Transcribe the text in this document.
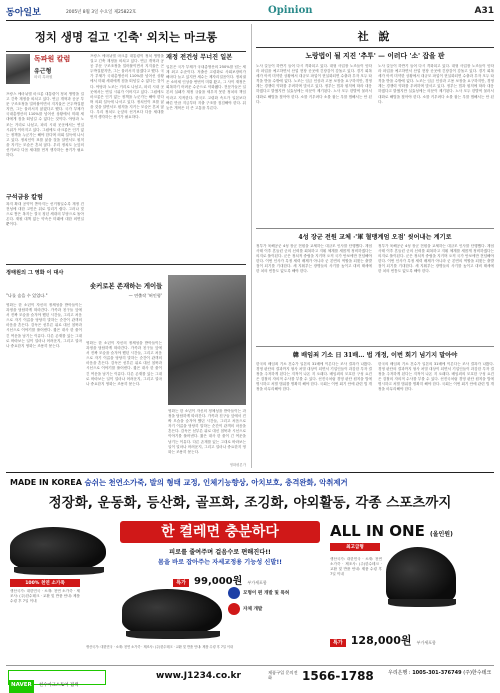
동아일보	2005년 8월 3일 수요일 제25822호	Opinion	A31
정치 생명 걸고 '긴축' 외치는 마크롱
독파원 칼럼
유근형
파리 특파원
프랑스 에마뉘엘 마크롱 대통령이 정치 생명을 걸고 긴축 재정을 외치고 있다. 연금 개혁과 공공 부문 구조조정을 밀어붙이면서 지지율은 곤두박질쳤지만, 그는 물러서지 않겠다고 했다. 국가 부채가 국내총생산의 110%를 넘어선 상황에서 미래 세대에게 짐을 떠넘길 수 없다는 것이다. 야당과 노조는 거리로 나섰고, 파리 시내 곳곳에서는 연일 시위가 이어지고 있다. 그럼에도 마크롱은 인기 없는 정책을 누군가는 해야 한다며 의회 설득에 나서고 있다. 정치인이 표를 잃을 것을 알면서도 원칙을 지키는 모습은 흔치 않다. 우리 정치도 눈앞의 선거보다 다음 세대를 먼저 생각하는 용기가 필요하다.
프랑스 에마뉘엘 마크롱 대통령이 정치 생명을 걸고 긴축 재정을 외치고 있다. 연금 개혁과 공공 부문 구조조정을 밀어붙이면서 지지율은 곤두박질쳤지만, 그는 물러서지 않겠다고 했다. 국가 부채가 국내총생산의 110%를 넘어선 상황에서 미래 세대에게 짐을 떠넘길 수 없다는 것이다. 야당과 노조는 거리로 나섰고, 파리 시내 곳곳에서는 연일 시위가 이어지고 있다. 그럼에도 마크롱은 인기 없는 정책을 누군가는 해야 한다며 의회 설득에 나서고 있다. 정치인이 표를 잃을 것을 알면서도 원칙을 지키는 모습은 흔치 않다. 우리 정치도 눈앞의 선거보다 다음 세대를 먼저 생각하는 용기가 필요하다.
구석금융 칼럼
복지 확대 공약이 쏟아지는 선거철일수록 재정 건전성에 대한 고민은 뒤로 밀리기 쉽다. 그러나 빚으로 쌓은 복지는 결국 청년 세대의 부담으로 돌아온다. 재원 대책 없는 약속은 미래에 대한 외면일 뿐이다.
재정 전건성 무너진 일본
일본은 국가 부채가 국내총생산의 250%를 넘는 세계 최고 수준이다. 저출산 고령화로 사회보장비가 해마다 늘고 있지만 세수는 제자리걸음이다. 정치권은 소비세 인상을 번번이 미뤄 왔고, 그 사이 재정은 회복하기 어려운 수준으로 악화됐다. 전문가들은 일본의 실패가 재정 규율을 세우지 못한 정치의 책임이라고 지적한다. 한국도 고령화 속도가 일본보다 빠른 만큼 지금부터 지출 구조를 점검해야 한다. 뒤늦은 개혁은 더 큰 고통을 부른다.
정태원의 그 영화 이 대사
숏커로본 존재하는 게이들
"나를 숨을 수 있었다."	— 연출작 '허인형'
영화는 한 소년이 자신의 정체성을 받아들이는 과정을 담담하게 따라간다. 가족과 친구들 앞에서 진짜 모습을 숨겨야 했던 시간들, 그리고 처음으로 자기 이름을 당당히 말하는 순간이 관객의 마음을 흔든다. 감독은 섣부른 위로 대신 침묵과 시선으로 이야기를 풀어낸다. 짧은 대사 한 줄이 긴 여운을 남기는 이유다. 다른 존재를 있는 그대로 바라보는 일이 얼마나 어려운지, 그리고 얼마나 중요한지 영화는 조용히 묻는다.
영화는 한 소년이 자신의 정체성을 받아들이는 과정을 담담하게 따라간다. 가족과 친구들 앞에서 진짜 모습을 숨겨야 했던 시간들, 그리고 처음으로 자기 이름을 당당히 말하는 순간이 관객의 마음을 흔든다. 감독은 섣부른 위로 대신 침묵과 시선으로 이야기를 풀어낸다. 짧은 대사 한 줄이 긴 여운을 남기는 이유다. 다른 존재를 있는 그대로 바라보는 일이 얼마나 어려운지, 그리고 얼마나 중요한지 영화는 조용히 묻는다.
영화는 한 소년이 자신의 정체성을 받아들이는 과정을 담담하게 따라간다. 가족과 친구들 앞에서 진짜 모습을 숨겨야 했던 시간들, 그리고 처음으로 자기 이름을 당당히 말하는 순간이 관객의 마음을 흔든다. 감독은 섣부른 위로 대신 침묵과 시선으로 이야기를 풀어낸다. 짧은 대사 한 줄이 긴 여운을 남기는 이유다. 다른 존재를 있는 그대로 바라보는 일이 얼마나 어려운지, 그리고 얼마나 중요한지 영화는 조용히 묻는다.
영화평론가
社 說
노랑법이 될 지진 '추투' — 이러다 '소' 잡을 판
노사 갈등이 하반기 들어 다시 격화되고 있다. 대형 사업장 노조들이 잇따라 파업을 예고하면서 산업 현장 곳곳에 긴장감이 감돌고 있다. 경기 회복세가 아직 미약한 상황에서 대규모 파업이 현실화되면 수출과 투자 모두 타격을 받을 수밖에 없다. 노조는 임금 인상과 고용 보장을 요구하지만, 경영계는 경쟁력 약화를 우려하며 맞서고 있다. 정부는 법과 원칙에 따라 대응하겠다고 밝혔지만 실효성에는 의문이 제기된다. 노사 모두 한발씩 물러서 대화로 해법을 찾아야 한다. 소를 키우려다 소를 잡는 우를 범해서는 안 된다.
노사 갈등이 하반기 들어 다시 격화되고 있다. 대형 사업장 노조들이 잇따라 파업을 예고하면서 산업 현장 곳곳에 긴장감이 감돌고 있다. 경기 회복세가 아직 미약한 상황에서 대규모 파업이 현실화되면 수출과 투자 모두 타격을 받을 수밖에 없다. 노조는 임금 인상과 고용 보장을 요구하지만, 경영계는 경쟁력 약화를 우려하며 맞서고 있다. 정부는 법과 원칙에 따라 대응하겠다고 밝혔지만 실효성에는 의문이 제기된다. 노사 모두 한발씩 물러서 대화로 해법을 찾아야 한다. 소를 키우려다 소를 잡는 우를 범해서는 안 된다.
4성 장군 전원 교체 ·'軍 혈맹계엄 오점' 씻어내는 계기로
정부가 육해공군 4성 장군 전원을 교체하는 대규모 인사를 단행했다. 계엄 사태 이후 흔들린 군의 신뢰를 회복하고 지휘 체계를 새롭게 정비하겠다는 의지로 풀이된다. 군은 정치적 중립을 지키며 오직 국가 안보에만 전념해야 한다. 이번 인사가 특정 세력 배제가 아니라 군 본연의 역할을 되찾는 출발점이 되기를 기대한다. 새 지휘부는 장병들의 사기를 높이고 대비 태세에 한 치의 빈틈도 없도록 해야 한다.
정부가 육해공군 4성 장군 전원을 교체하는 대규모 인사를 단행했다. 계엄 사태 이후 흔들린 군의 신뢰를 회복하고 지휘 체계를 새롭게 정비하겠다는 의지로 풀이된다. 군은 정치적 중립을 지키며 오직 국가 안보에만 전념해야 한다. 이번 인사가 특정 세력 배제가 아니라 군 본연의 역할을 되찾는 출발점이 되기를 기대한다. 새 지휘부는 장병들의 사기를 높이고 대비 태세에 한 치의 빈틈도 없도록 해야 한다.
韓 배임죄 기소 日 31배… 법 개정, 이번 회기 넘기지 말아야
한국의 배임죄 기소 건수가 일본의 31배에 이른다는 조사 결과가 나왔다. 경영 판단의 결과까지 형사 처벌 대상이 되면서 기업인들이 과감한 투자 결정을 주저하게 된다는 지적이 나온 지 오래다. 배임죄의 모호한 구성 요건은 검찰의 자의적 수사를 부를 수 있다. 선진국처럼 경영 판단 원칙을 법에 명시하고 처벌 범위를 명확히 해야 한다. 국회는 이번 회기 안에 관련 법 개정을 마무리해야 한다.
한국의 배임죄 기소 건수가 일본의 31배에 이른다는 조사 결과가 나왔다. 경영 판단의 결과까지 형사 처벌 대상이 되면서 기업인들이 과감한 투자 결정을 주저하게 된다는 지적이 나온 지 오래다. 배임죄의 모호한 구성 요건은 검찰의 자의적 수사를 부를 수 있다. 선진국처럼 경영 판단 원칙을 법에 명시하고 처벌 범위를 명확히 해야 한다. 국회는 이번 회기 안에 관련 법 개정을 마무리해야 한다.
MADE IN KOREA 숨쉬는 천연소가죽, 발의 형태 교정, 인체기능향상, 아치보호, 충격완화, 악취제거
정장화, 운동화, 등산화, 골프화, 조깅화, 야외활동, 각종 스포츠까지
100% 천연 소가죽
생산국가: 대한민국 · 소재: 천연 소가죽 · 제조사: (주)한수테크 · 교환 및 반품 안내: 제품 수령 후 7일 이내
한 켤레면 충분하다
피로를 줄여주며 걸음수로 편해진다!!
몸을 바로 잡아주는 자세교정용 기능성 신발!!
특가 99,000원 부가세포함
모형이 편 개발 및 특허
자체 개발
ALL IN ONE (올인원)
최고급형
생산국가: 대한민국 · 소재: 천연 소가죽 · 제조사: (주)한수테크 · 교환 및 반품 안내: 제품 수령 후 7일 이내
특가 128,000원 부가세포함
생산국가: 대한민국 · 소재: 천연 소가죽 · 제조사: (주)한수테크 · 교환 및 반품 안내: 제품 수령 후 7일 이내
NAVER 천수마크스토어 검색
www.J1234.co.kr	제품구입 문의전화	1566-1788	우리은행 : 1005-301-376749 (주)한수테크
